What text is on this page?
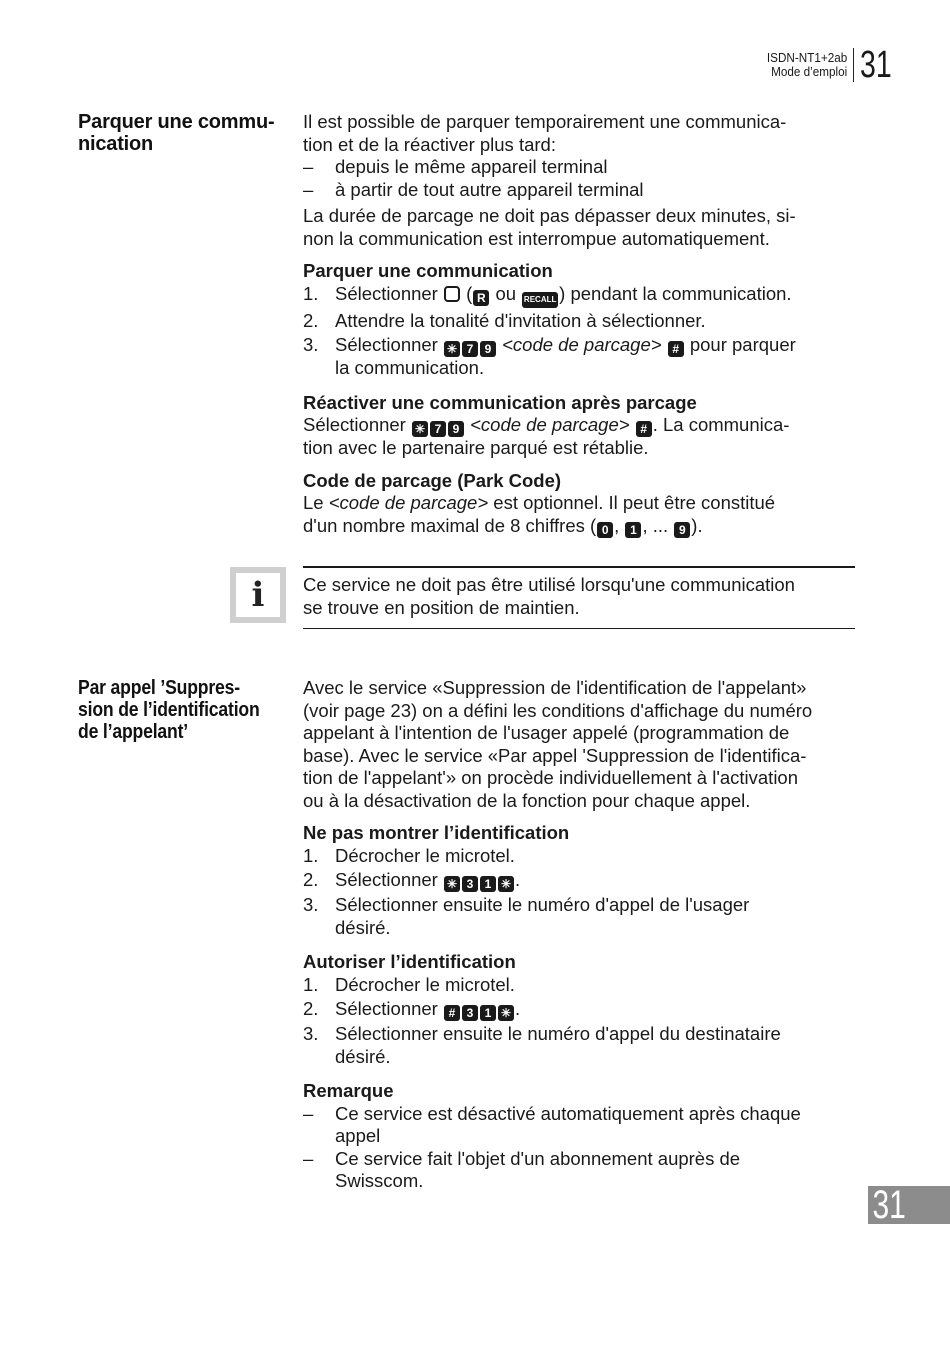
ISDN-NT1+2ab
Mode d’emploi 31
Parquer une commu-
nication

Il est possible de parquer temporairement une communica-

tion et de la réactiver plus tard:

–	depuis le même appareil terminal
–	à partir de tout autre appareil terminal

La durée de parcage ne doit pas dépasser deux minutes, si-

non la communication est interrompue automatiquement.

Parquer une communication

1. Sélectionner ( R ou RECALL ) pendant la communication.
2. Attendre la tonalité d'invitation à sélectionner.
3. Sélectionner ✳ 7 9 <code de parcage> # pour parquer
la communication.

Réactiver une communication après parcage

Sélectionner ✳ 7 9 <code de parcage> # . La communica-

tion avec le partenaire parqué est rétablie.

Code de parcage (Park Code)

Le <code de parcage> est optionnel. Il peut être constitué

d'un nombre maximal de 8 chiffres ( 0 , 1 , ... 9 ).

i	Ce service ne doit pas être utilisé lorsqu'une communication

se trouve en position de maintien.

Par appel ’Suppres-
sion de l’identification
de l’appelant’

Avec le service «Suppression de l'identification de l'appelant»

(voir page 23) on a défini les conditions d'affichage du numéro

appelant à l'intention de l'usager appelé (programmation de

base). Avec le service «Par appel 'Suppression de l'identifica-

tion de l'appelant'» on procède individuellement à l'activation

ou à la désactivation de la fonction pour chaque appel.

Ne pas montrer l’identification

1. Décrocher le microtel.
2. Sélectionner ✳ 3 1 ✳ .
3. Sélectionner ensuite le numéro d'appel de l'usager
désiré.

Autoriser l’identification

1. Décrocher le microtel.
2. Sélectionner # 3 1 ✳ .
3. Sélectionner ensuite le numéro d'appel du destinataire
désiré.

Remarque

–	Ce service est désactivé automatiquement après chaque
appel
–	Ce service fait l'objet d'un abonnement auprès de
Swisscom.
31
